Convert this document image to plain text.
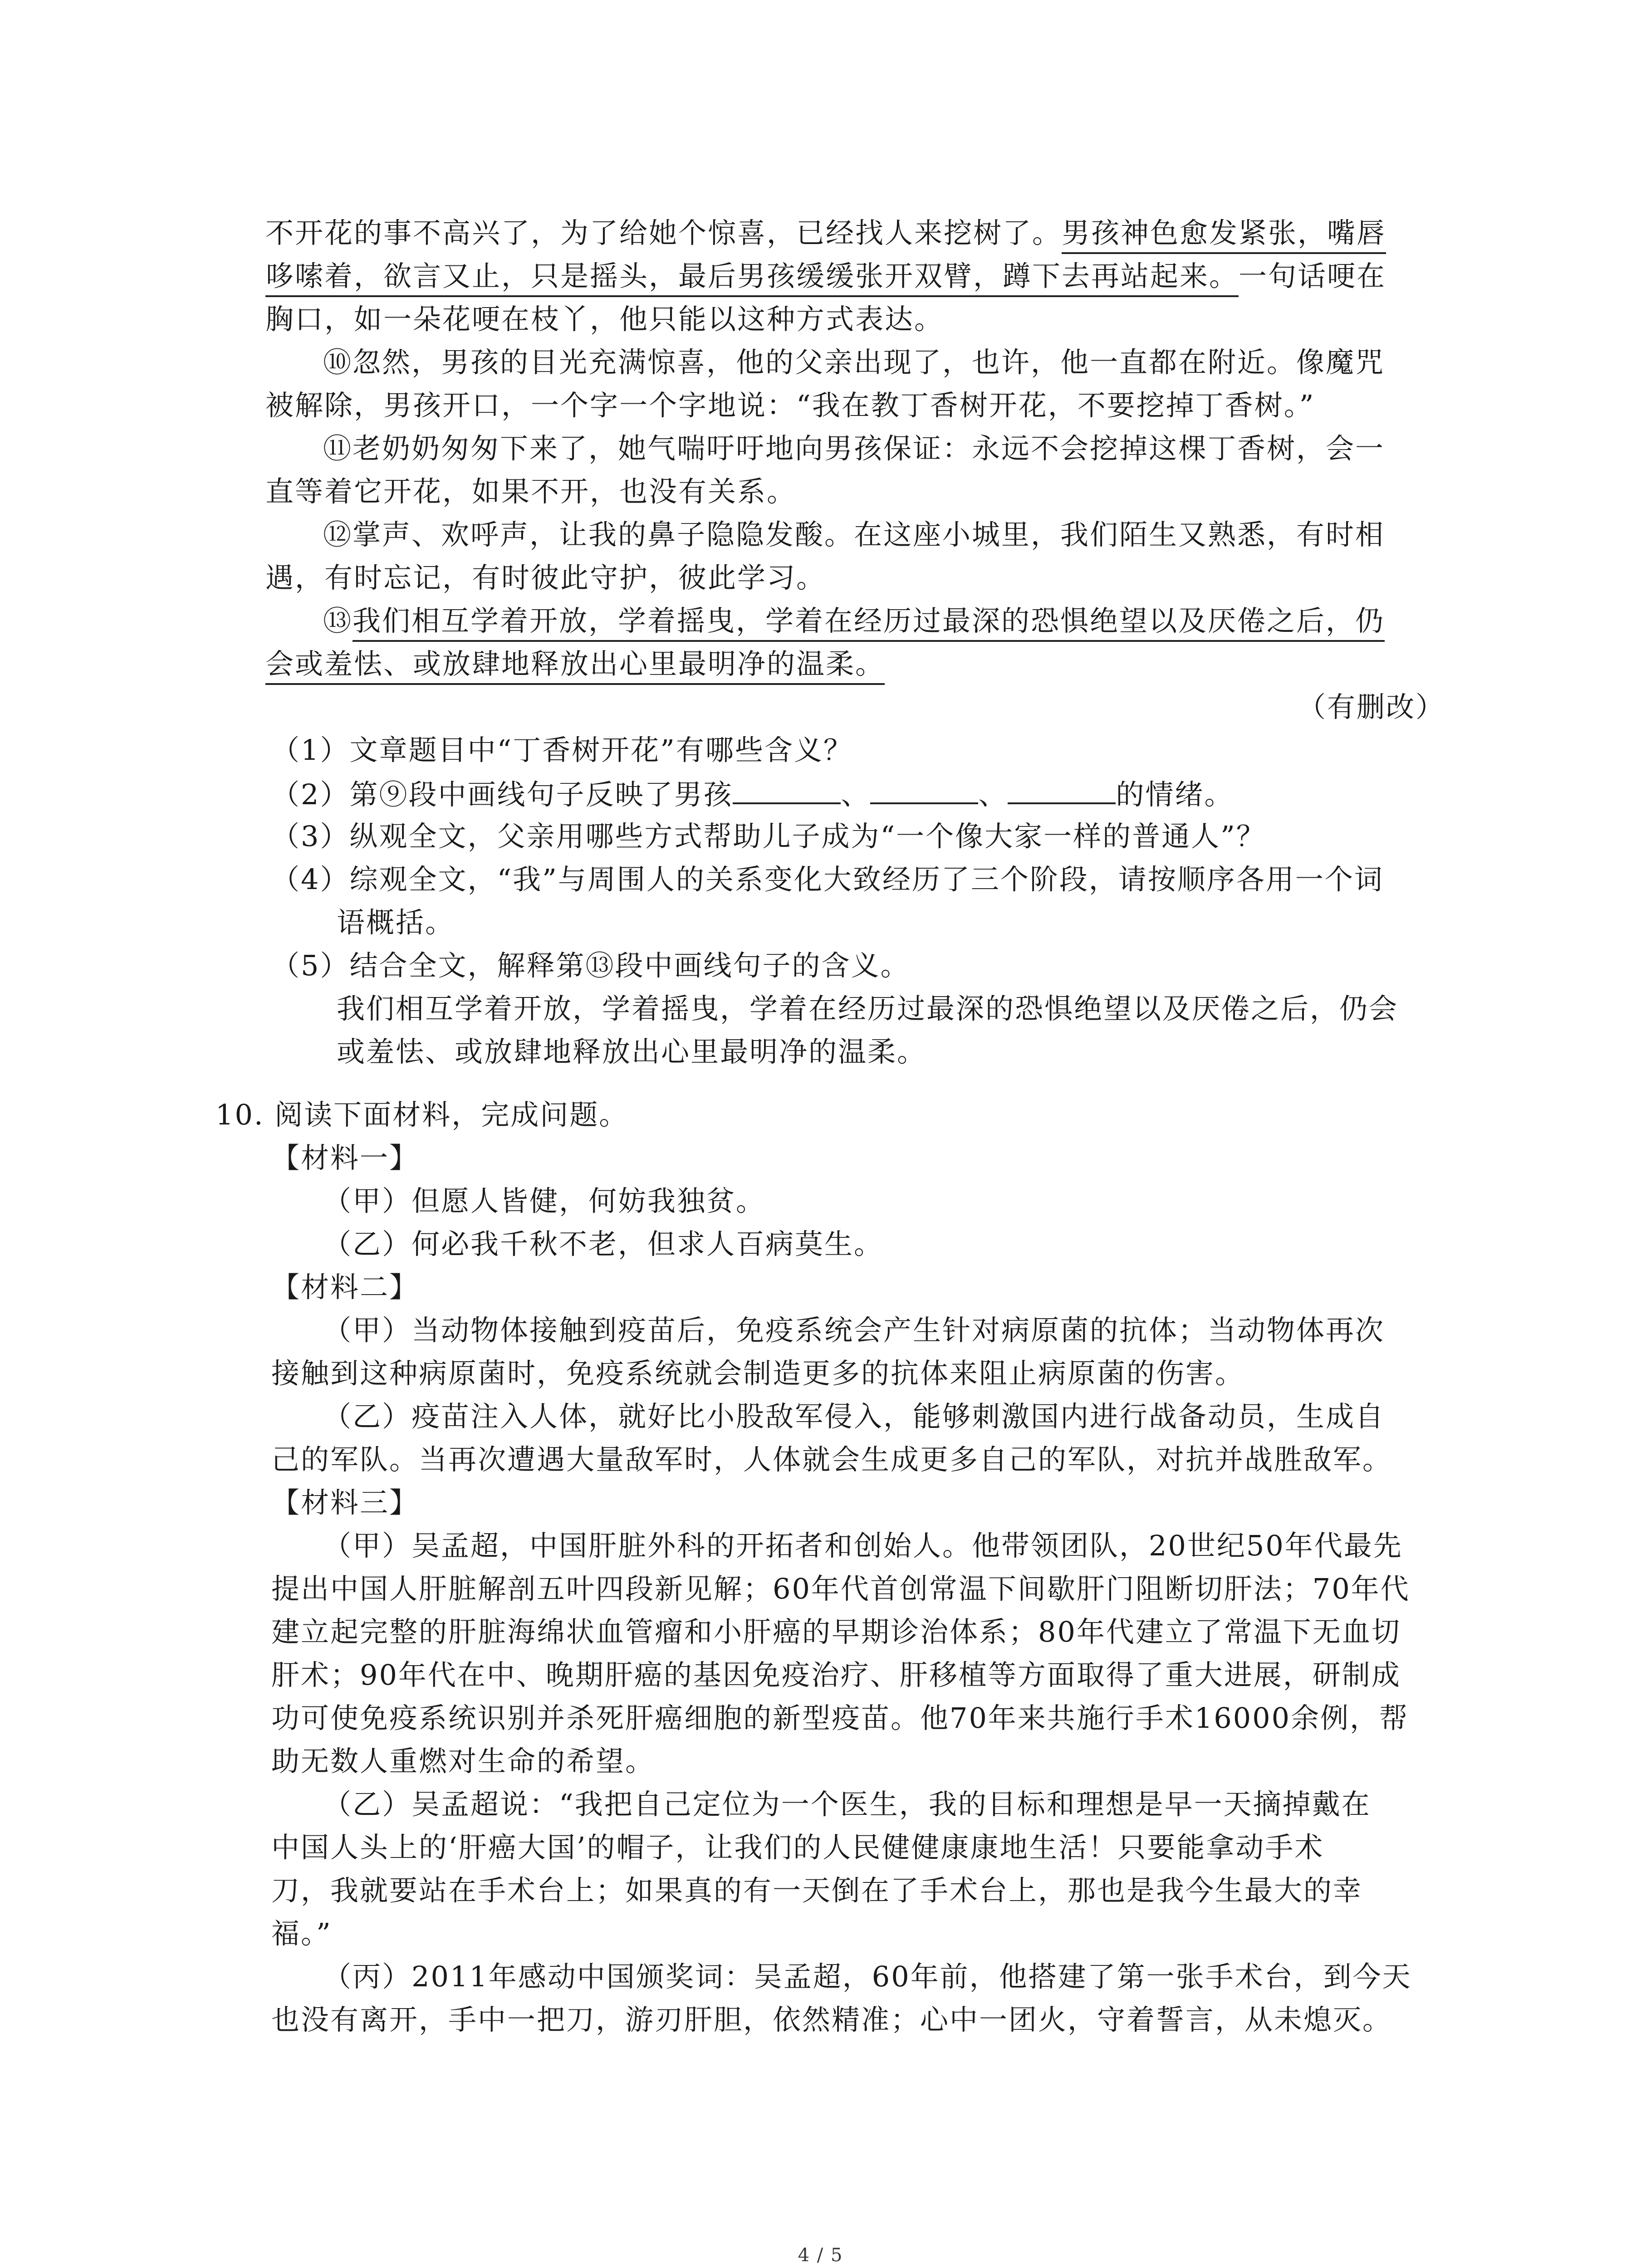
不开花的事不高兴了，为了给她个惊喜，已经找人来挖树了。男孩神色愈发紧张，嘴唇
哆嗦着，欲言又止，只是摇头，最后男孩缓缓张开双臂，蹲下去再站起来。一句话哽在
胸口，如一朵花哽在枝丫，他只能以这种方式表达。
⑩忽然，男孩的目光充满惊喜，他的父亲出现了，也许，他一直都在附近。像魔咒
被解除，男孩开口，一个字一个字地说：“我在教丁香树开花，不要挖掉丁香树。”
⑪老奶奶匆匆下来了，她气喘吁吁地向男孩保证：永远不会挖掉这棵丁香树，会一
直等着它开花，如果不开，也没有关系。
⑫掌声、欢呼声，让我的鼻子隐隐发酸。在这座小城里，我们陌生又熟悉，有时相
遇，有时忘记，有时彼此守护，彼此学习。
⑬我们相互学着开放，学着摇曳，学着在经历过最深的恐惧绝望以及厌倦之后，仍
会或羞怯、或放肆地释放出心里最明净的温柔。
（有删改）
（1）文章题目中“丁香树开花”有哪些含义？
（2）第⑨段中画线句子反映了男孩	、	、	的情绪。
（3）纵观全文，父亲用哪些方式帮助儿子成为“一个像大家一样的普通人”？
（4）综观全文，“我”与周围人的关系变化大致经历了三个阶段，请按顺序各用一个词
语概括。
（5）结合全文，解释第⑬段中画线句子的含义。
我们相互学着开放，学着摇曳，学着在经历过最深的恐惧绝望以及厌倦之后，仍会
或羞怯、或放肆地释放出心里最明净的温柔。
10. 阅读下面材料，完成问题。
【材料一】
（甲）但愿人皆健，何妨我独贫。
（乙）何必我千秋不老，但求人百病莫生。
【材料二】
（甲）当动物体接触到疫苗后，免疫系统会产生针对病原菌的抗体；当动物体再次
接触到这种病原菌时，免疫系统就会制造更多的抗体来阻止病原菌的伤害。
（乙）疫苗注入人体，就好比小股敌军侵入，能够刺激国内进行战备动员，生成自
己的军队。当再次遭遇大量敌军时，人体就会生成更多自己的军队，对抗并战胜敌军。
【材料三】
（甲）吴孟超，中国肝脏外科的开拓者和创始人。他带领团队，20世纪50年代最先
提出中国人肝脏解剖五叶四段新见解；60年代首创常温下间歇肝门阻断切肝法；70年代
建立起完整的肝脏海绵状血管瘤和小肝癌的早期诊治体系；80年代建立了常温下无血切
肝术；90年代在中、晚期肝癌的基因免疫治疗、肝移植等方面取得了重大进展，研制成
功可使免疫系统识别并杀死肝癌细胞的新型疫苗。他70年来共施行手术16000余例，帮
助无数人重燃对生命的希望。
（乙）吴孟超说：“我把自己定位为一个医生，我的目标和理想是早一天摘掉戴在
中国人头上的‘肝癌大国’的帽子，让我们的人民健健康康地生活！只要能拿动手术
刀，我就要站在手术台上；如果真的有一天倒在了手术台上，那也是我今生最大的幸
福。”
（丙）2011年感动中国颁奖词：吴孟超，60年前，他搭建了第一张手术台，到今天
也没有离开，手中一把刀，游刃肝胆，依然精准；心中一团火，守着誓言，从未熄灭。
4 / 5
